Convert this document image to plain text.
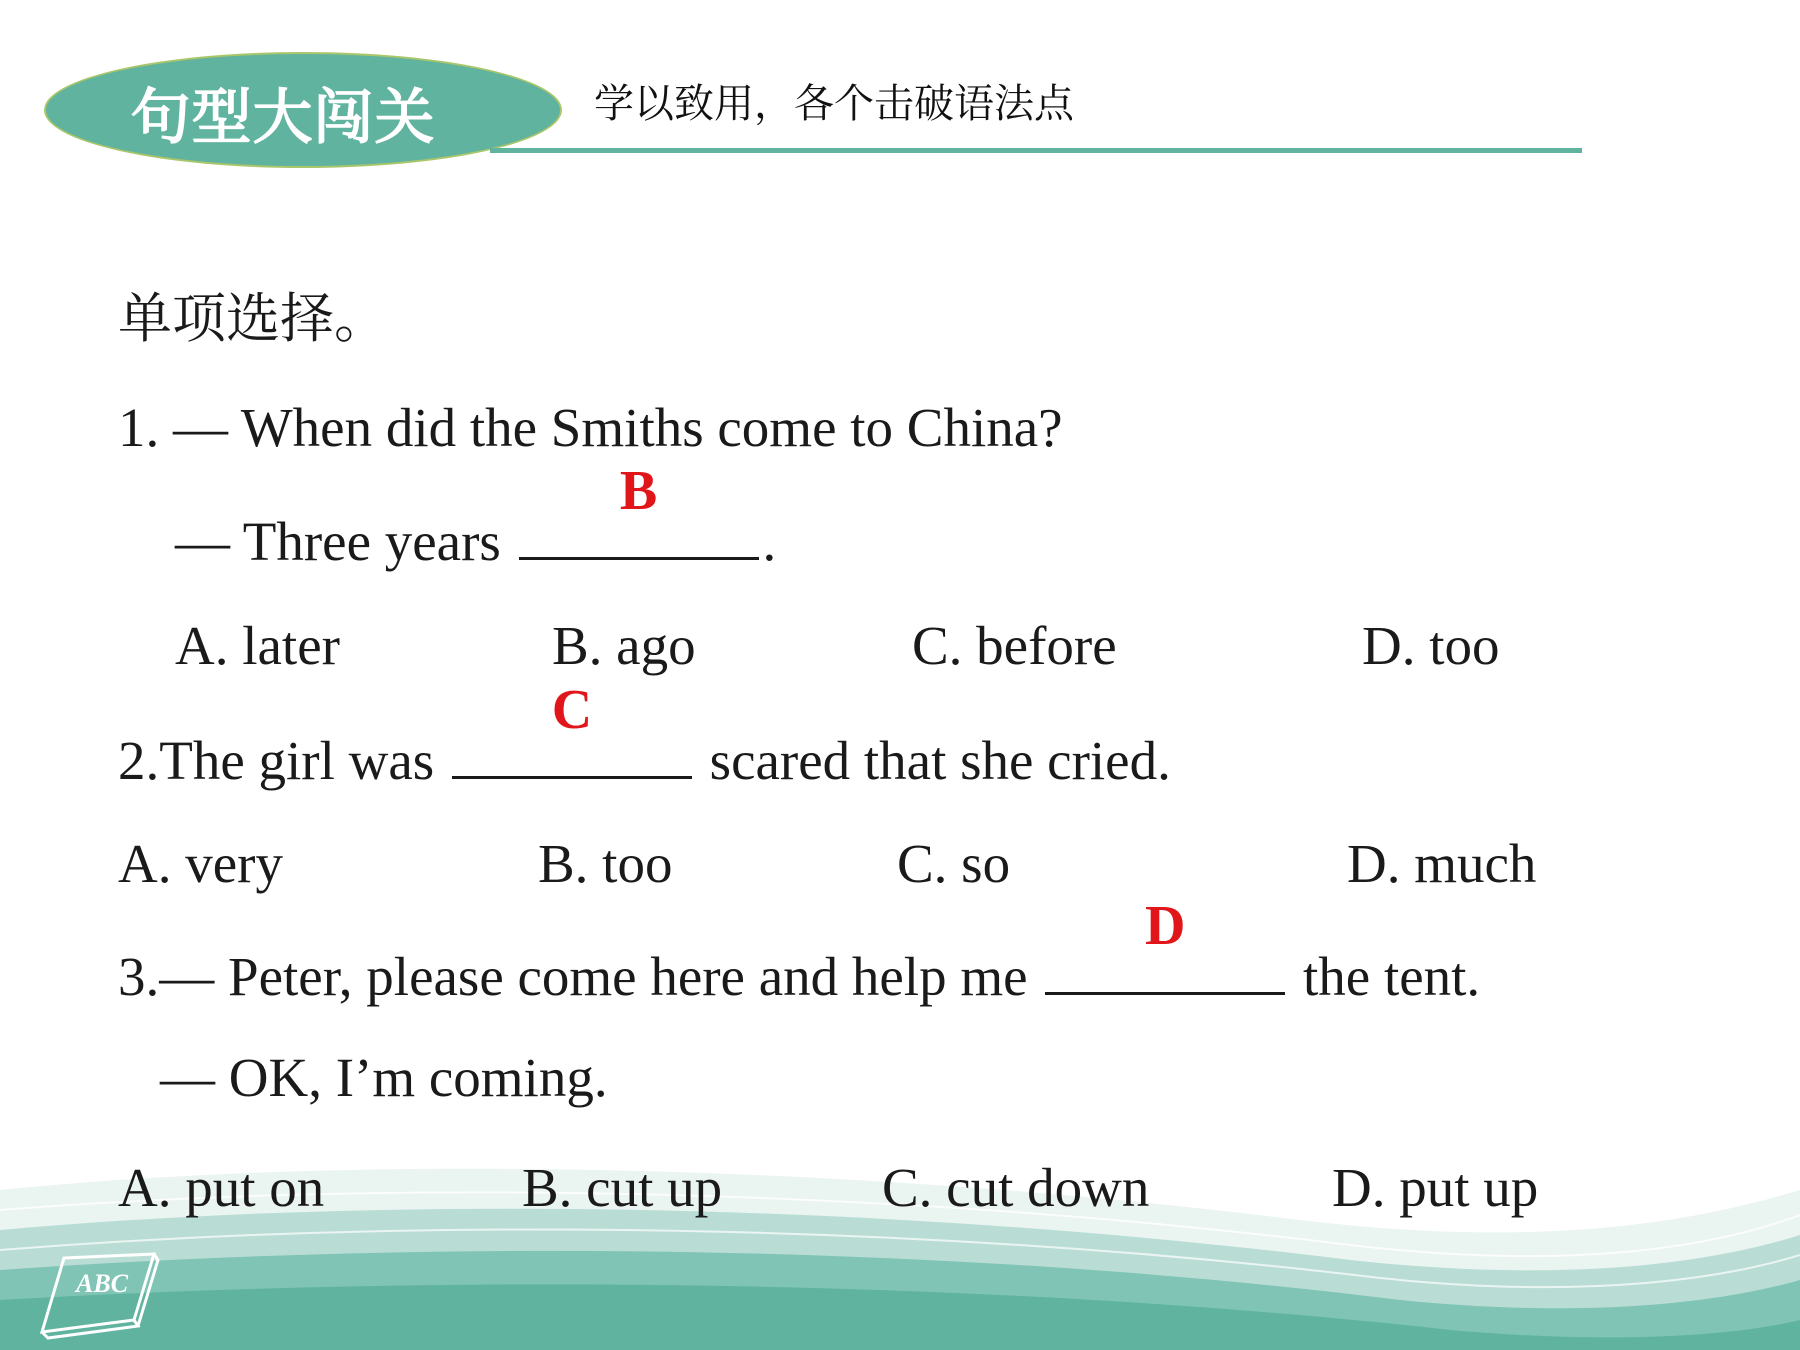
句型大闯关	学以致用，各个击破语法点
单项选择。
1. — When did the Smiths come to China?
— Three years
B
.
A. later	B. ago	C. before	D. too
2.The girl was
C
scared that she cried.
A. very	B. too	C. so	D. much
3.— Peter, please come here and help me
D
the tent.
— OK, I’m coming.
A. put on	B. cut up	C. cut down	D. put up
ABC
